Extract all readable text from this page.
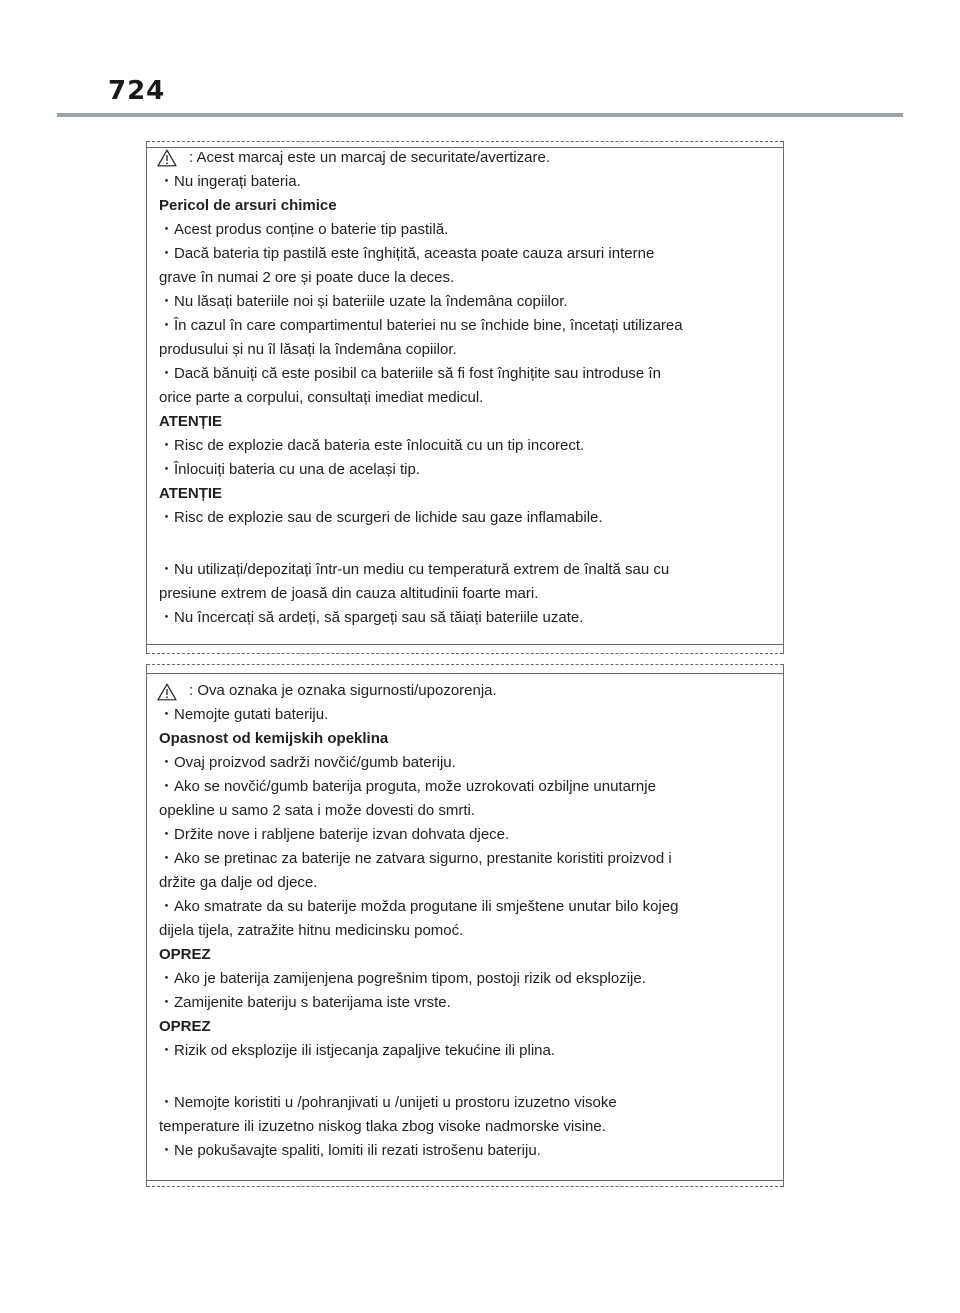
724
: Acest marcaj este un marcaj de securitate/avertizare.
・Nu ingerați bateria.
Pericol de arsuri chimice
・Acest produs conține o baterie tip pastilă.
・Dacă bateria tip pastilă este înghițită, aceasta poate cauza arsuri interne
grave în numai 2 ore și poate duce la deces.
・Nu lăsați bateriile noi și bateriile uzate la îndemâna copiilor.
・În cazul în care compartimentul bateriei nu se închide bine, încetați utilizarea
produsului și nu îl lăsați la îndemâna copiilor.
・Dacă bănuiți că este posibil ca bateriile să fi fost înghițite sau introduse în
orice parte a corpului, consultați imediat medicul.
ATENȚIE
・Risc de explozie dacă bateria este înlocuită cu un tip incorect.
・Înlocuiți bateria cu una de același tip.
ATENȚIE
・Risc de explozie sau de scurgeri de lichide sau gaze inflamabile.
・Nu utilizați/depozitați într-un mediu cu temperatură extrem de înaltă sau cu
presiune extrem de joasă din cauza altitudinii foarte mari.
・Nu încercați să ardeți, să spargeți sau să tăiați bateriile uzate.
: Ova oznaka je oznaka sigurnosti/upozorenja.
・Nemojte gutati bateriju.
Opasnost od kemijskih opeklina
・Ovaj proizvod sadrži novčić/gumb bateriju.
・Ako se novčić/gumb baterija proguta, može uzrokovati ozbiljne unutarnje
opekline u samo 2 sata i može dovesti do smrti.
・Držite nove i rabljene baterije izvan dohvata djece.
・Ako se pretinac za baterije ne zatvara sigurno, prestanite koristiti proizvod i
držite ga dalje od djece.
・Ako smatrate da su baterije možda progutane ili smještene unutar bilo kojeg
dijela tijela, zatražite hitnu medicinsku pomoć.
OPREZ
・Ako je baterija zamijenjena pogrešnim tipom, postoji rizik od eksplozije.
・Zamijenite bateriju s baterijama iste vrste.
OPREZ
・Rizik od eksplozije ili istjecanja zapaljive tekućine ili plina.
・Nemojte koristiti u /pohranjivati u /unijeti u prostoru izuzetno visoke
temperature ili izuzetno niskog tlaka zbog visoke nadmorske visine.
・Ne pokušavajte spaliti, lomiti ili rezati istrošenu bateriju.
